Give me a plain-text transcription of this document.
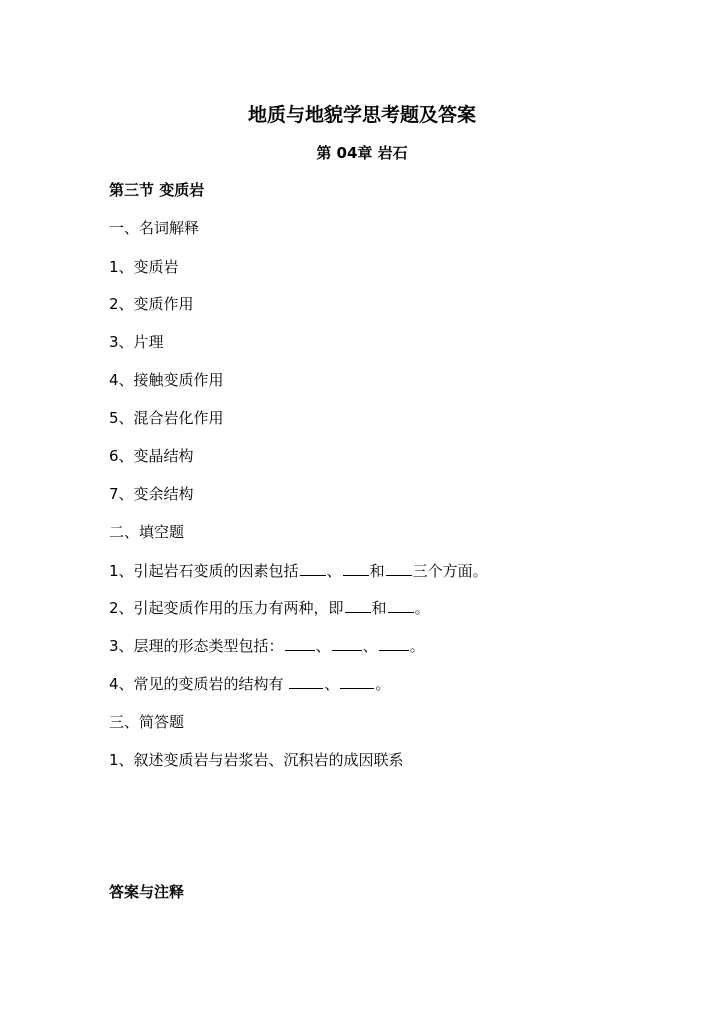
地质与地貌学思考题及答案
第 04章 岩石
第三节 变质岩
一、名词解释
1、变质岩
2、变质作用
3、片理
4、接触变质作用
5、混合岩化作用
6、变晶结构
7、变余结构
二、填空题
1、引起岩石变质的因素包括 、 和 三个方面。
2、引起变质作用的压力有两种，即 和 。
3、层理的形态类型包括： 、 、 。
4、常见的变质岩的结构有	、 。
三、简答题
1、叙述变质岩与岩浆岩、沉积岩的成因联系
答案与注释
